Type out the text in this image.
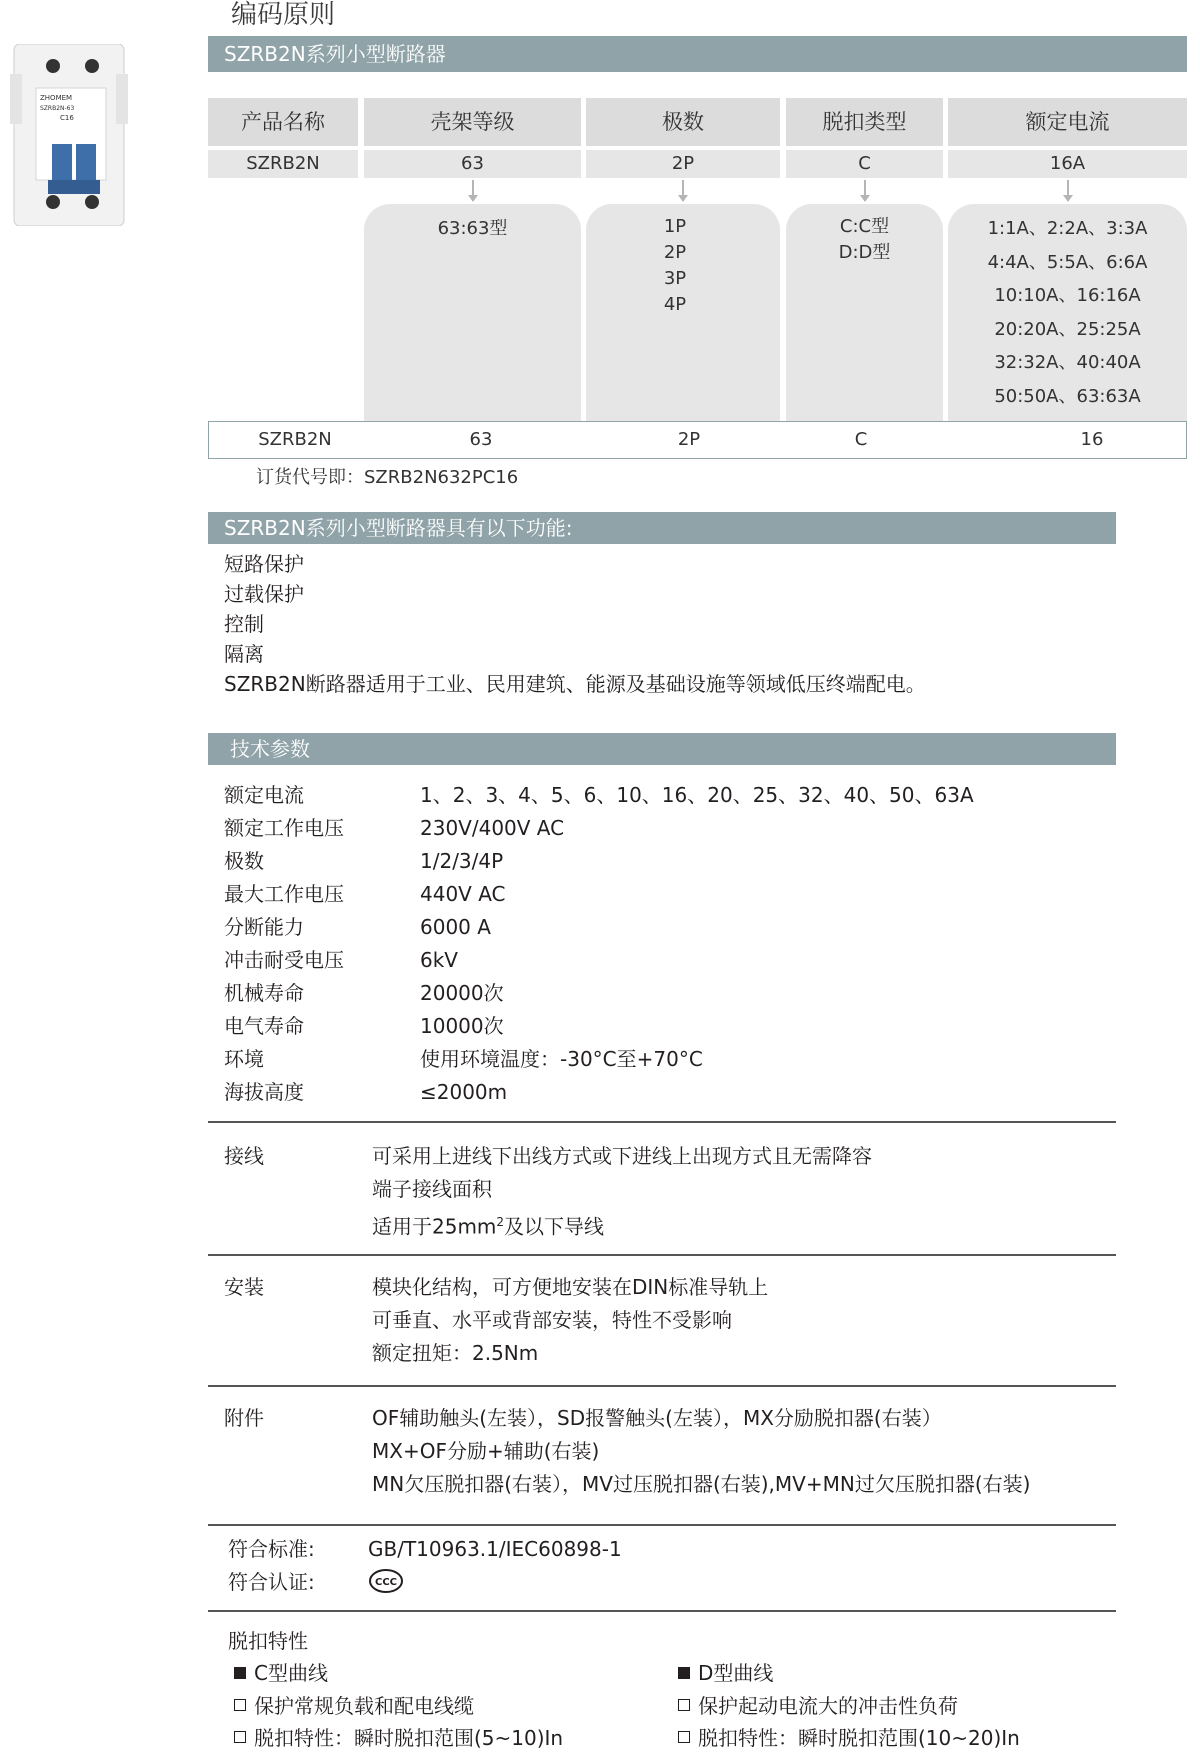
ZHOMEM
SZRB2N-63
C16
编码原则
SZRB2N系列小型断路器
产品名称	壳架等级	极数	脱扣类型	额定电流
SZRB2N	63	2P	C	16A
63:63型	1P
2P
3P
4P
C:C型
D:D型
1:1A、2:2A、3:3A
4:4A、5:5A、6:6A
10:10A、16:16A
20:20A、25:25A
32:32A、40:40A
50:50A、63:63A
SZRB2N	63	2P	C	16
订货代号即：SZRB2N632PC16
SZRB2N系列小型断路器具有以下功能:
短路保护
过载保护
控制
隔离
SZRB2N断路器适用于工业、民用建筑、能源及基础设施等领域低压终端配电。
技术参数
额定电流	1、2、3、4、5、6、10、16、20、25、32、40、50、63A
额定工作电压	230V/400V AC
极数	1/2/3/4P
最大工作电压	440V AC
分断能力	6000 A
冲击耐受电压	6kV
机械寿命	20000次
电气寿命	10000次
环境	使用环境温度：-30°C至+70°C
海拔高度	≤2000m
接线	可采用上进线下出线方式或下进线上出现方式且无需降容
端子接线面积
适用于$25mm^2$及以下导线
安装	模块化结构，可方便地安装在DIN标准导轨上
可垂直、水平或背部安装，特性不受影响
额定扭矩：2.5Nm
附件	OF辅助触头(左装），SD报警触头(左装），MX分励脱扣器(右装）
MX+OF分励+辅助(右装)
MN欠压脱扣器(右装），MV过压脱扣器(右装),MV+MN过欠压脱扣器(右装)
符合标准:	GB/T10963.1/IEC60898-1
符合认证:	CCC
脱扣特性
C型曲线
保护常规负载和配电线缆
脱扣特性：瞬时脱扣范围(5~10)In
D型曲线
保护起动电流大的冲击性负荷
脱扣特性：瞬时脱扣范围(10~20)In
